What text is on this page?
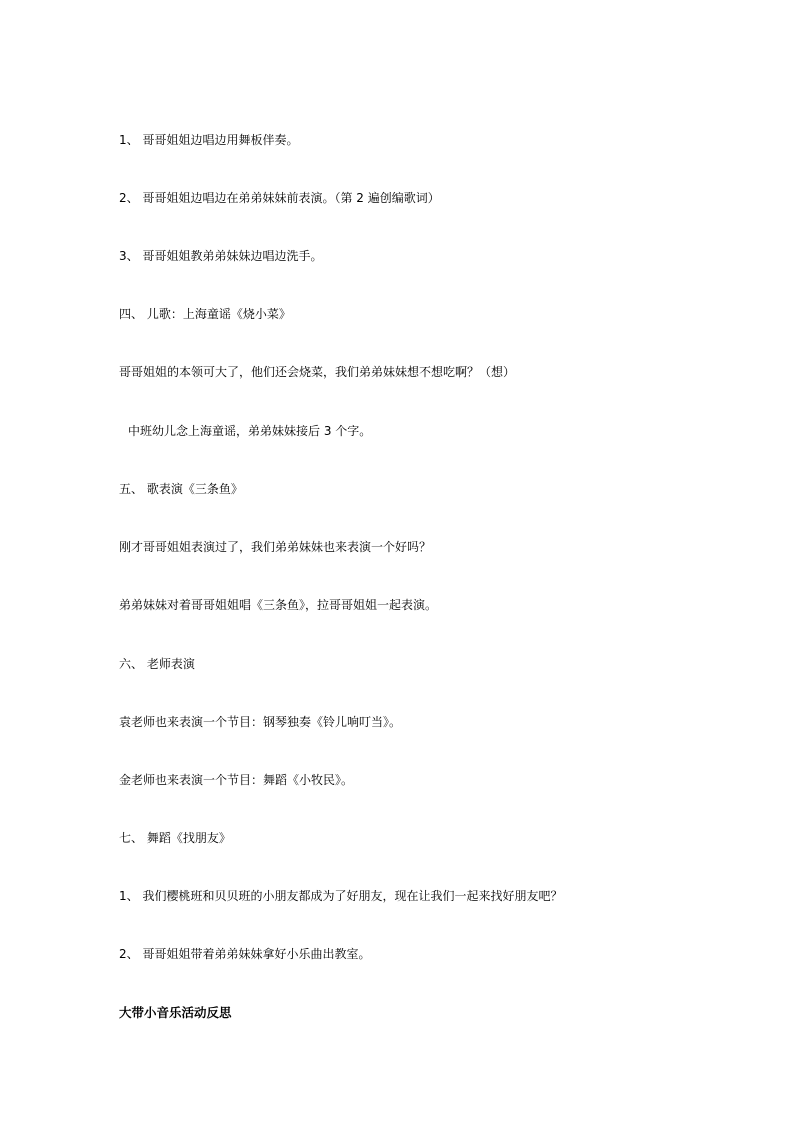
1、 哥哥姐姐边唱边用舞板伴奏。
2、 哥哥姐姐边唱边在弟弟妹妹前表演。（第 2 遍创编歌词）
3、 哥哥姐姐教弟弟妹妹边唱边洗手。
四、 儿歌：上海童谣《烧小菜》
哥哥姐姐的本领可大了，他们还会烧菜，我们弟弟妹妹想不想吃啊？（想）
中班幼儿念上海童谣，弟弟妹妹接后 3 个字。
五、 歌表演《三条鱼》
刚才哥哥姐姐表演过了，我们弟弟妹妹也来表演一个好吗？
弟弟妹妹对着哥哥姐姐唱《三条鱼》，拉哥哥姐姐一起表演。
六、 老师表演
袁老师也来表演一个节目：钢琴独奏《铃儿响叮当》。
金老师也来表演一个节目：舞蹈《小牧民》。
七、 舞蹈《找朋友》
1、 我们樱桃班和贝贝班的小朋友都成为了好朋友，现在让我们一起来找好朋友吧？
2、 哥哥姐姐带着弟弟妹妹拿好小乐曲出教室。
大带小音乐活动反思
